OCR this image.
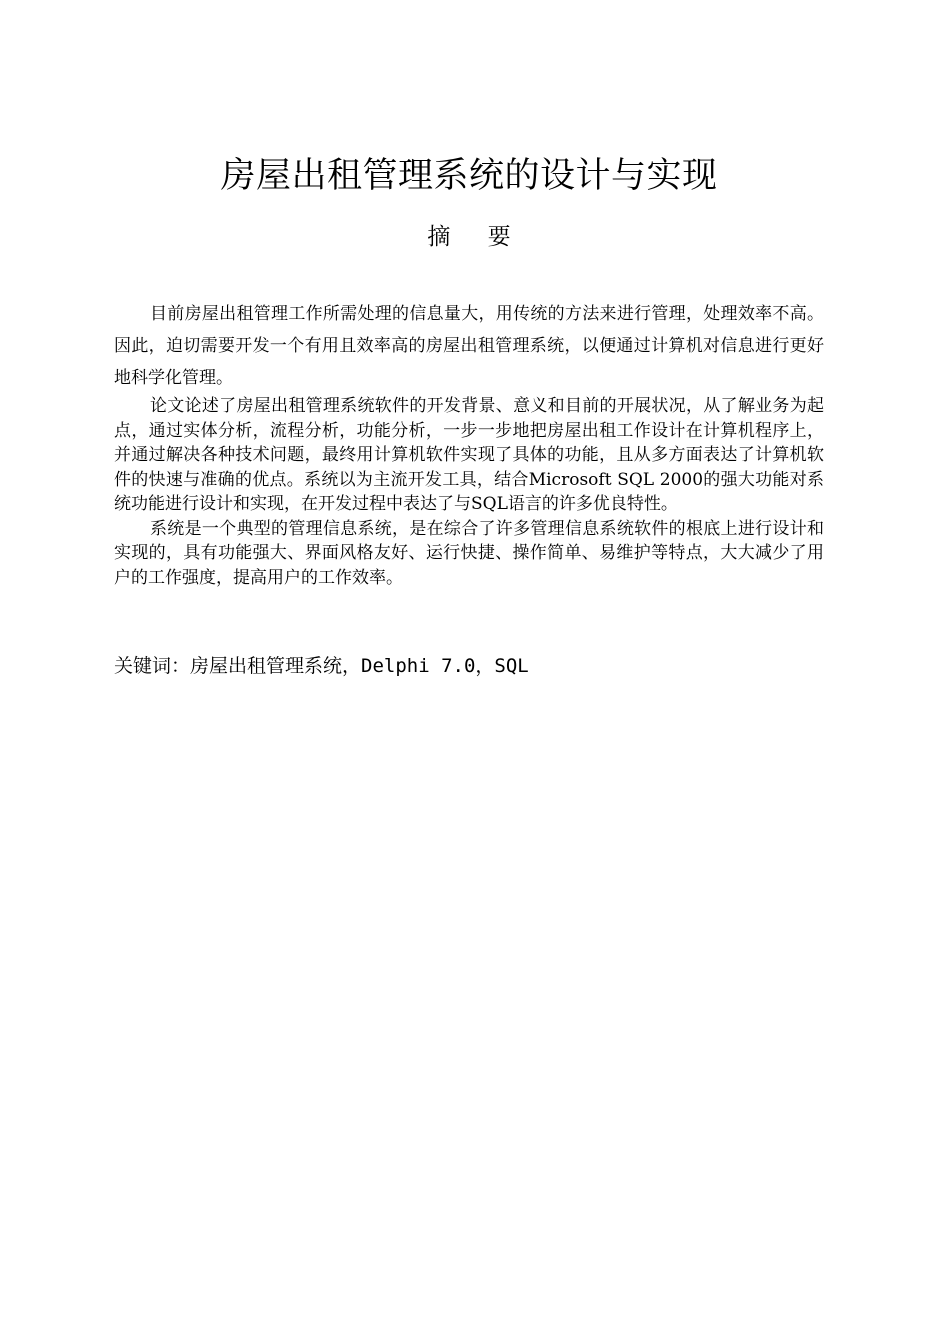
房屋出租管理系统的设计与实现
摘 要

目前房屋出租管理工作所需处理的信息量大，用传统的方法来进行管理，处理效率不高。因此，迫切需要开发一个有用且效率高的房屋出租管理系统，以便通过计算机对信息进行更好地科学化管理。

论文论述了房屋出租管理系统软件的开发背景、意义和目前的开展状况，从了解业务为起点，通过实体分析，流程分析，功能分析，一步一步地把房屋出租工作设计在计算机程序上，并通过解决各种技术问题，最终用计算机软件实现了具体的功能，且从多方面表达了计算机软件的快速与准确的优点。系统以为主流开发工具，结合Microsoft SQL 2000的强大功能对系统功能进行设计和实现，在开发过程中表达了与SQL语言的许多优良特性。

系统是一个典型的管理信息系统，是在综合了许多管理信息系统软件的根底上进行设计和实现的，具有功能强大、界面风格友好、运行快捷、操作简单、易维护等特点，大大减少了用户的工作强度，提高用户的工作效率。

关键词：房屋出租管理系统，Delphi 7.0，SQL
